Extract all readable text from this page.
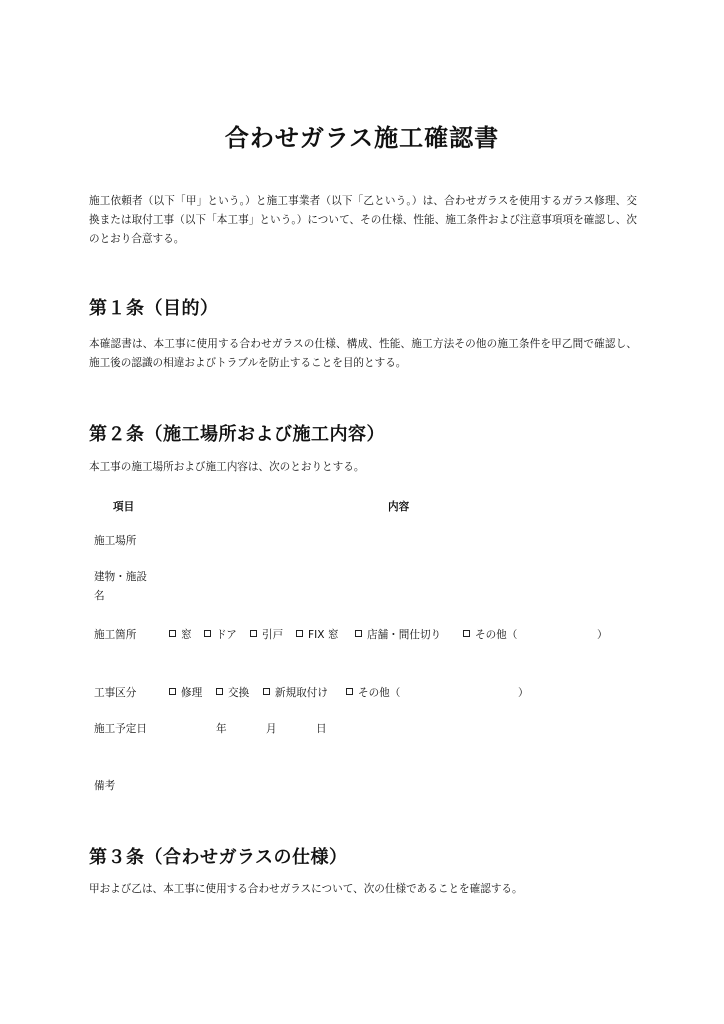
合わせガラス施工確認書

施工依頼者（以下「甲」という。）と施工事業者（以下「乙という。）は、合わせガラスを使用するガラス修理、交換または取付工事（以下「本工事」という。）について、その仕様、性能、施工条件および注意事項項を確認し、次のとおり合意する。

第１条（目的）

本確認書は、本工事に使用する合わせガラスの仕様、構成、性能、施工方法その他の施工条件を甲乙間で確認し、施工後の認識の相違およびトラブルを防止することを目的とする。

第２条（施工場所および施工内容）

本工事の施工場所および施工内容は、次のとおりとする。

項目	内容

施工場所

建物・施設名

施工箇所	窓	ドア	引戸	FIX 窓	店舗・間仕切り	その他（	）

工事区分	修理	交換	新規取付け	その他（	）

施工予定日	年	月	日

備考

第３条（合わせガラスの仕様）

甲および乙は、本工事に使用する合わせガラスについて、次の仕様であることを確認する。
